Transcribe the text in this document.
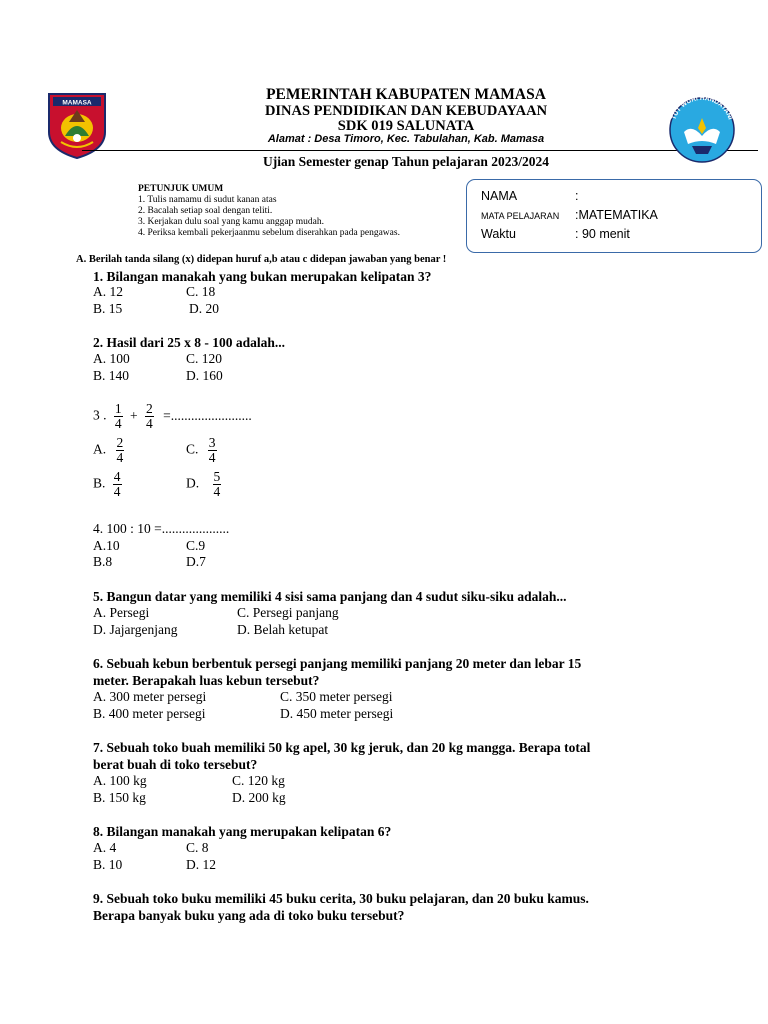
MAMASA	PEMERINTAH KABUPATEN MAMASA
DINAS PENDIDIKAN DAN KEBUDAYAAN
SDK 019 SALUNATA
Alamat : Desa Timoro, Kec. Tabulahan, Kab. Mamasa
TUT WURI HANDAYANI
Ujian Semester genap Tahun pelajaran 2023/2024
PETUNJUK UMUM
1. Tulis namamu di sudut kanan atas
2. Bacalah setiap soal dengan teliti.
3. Kerjakan dulu soal yang kamu anggap mudah.
4. Periksa kembali pekerjaanmu sebelum diserahkan pada pengawas.
NAMA	:
MATA PELAJARAN :MATEMATIKA
Waktu	: 90 menit
A. Berilah tanda silang (x) didepan huruf a,b atau c didepan jawaban yang benar !
1. Bilangan manakah yang bukan merupakan kelipatan 3?
A. 12	C. 18
B. 15	D. 20
2. Hasil dari 25 x 8 - 100 adalah...
A. 100	C. 120
B. 140	D. 160
3 . $\frac{1}{4} + \frac{2}{4}$ =........................
A. $\frac{2}{4}$	C. $\frac{3}{4}$
B. $\frac{4}{4}$	D. $\frac{5}{4}$
4. 100 : 10 =....................
A.10	C.9
B.8	D.7
5. Bangun datar yang memiliki 4 sisi sama panjang dan 4 sudut siku-siku adalah...
A. Persegi	C. Persegi panjang
D. Jajargenjang	D. Belah ketupat
6. Sebuah kebun berbentuk persegi panjang memiliki panjang 20 meter dan lebar 15
meter. Berapakah luas kebun tersebut?
A. 300 meter persegi	C. 350 meter persegi
B. 400 meter persegi	D. 450 meter persegi
7. Sebuah toko buah memiliki 50 kg apel, 30 kg jeruk, dan 20 kg mangga. Berapa total
berat buah di toko tersebut?
A. 100 kg	C. 120 kg
B. 150 kg	D. 200 kg
8. Bilangan manakah yang merupakan kelipatan 6?
A. 4	C. 8
B. 10	D. 12
9. Sebuah toko buku memiliki 45 buku cerita, 30 buku pelajaran, dan 20 buku kamus.
Berapa banyak buku yang ada di toko buku tersebut?
